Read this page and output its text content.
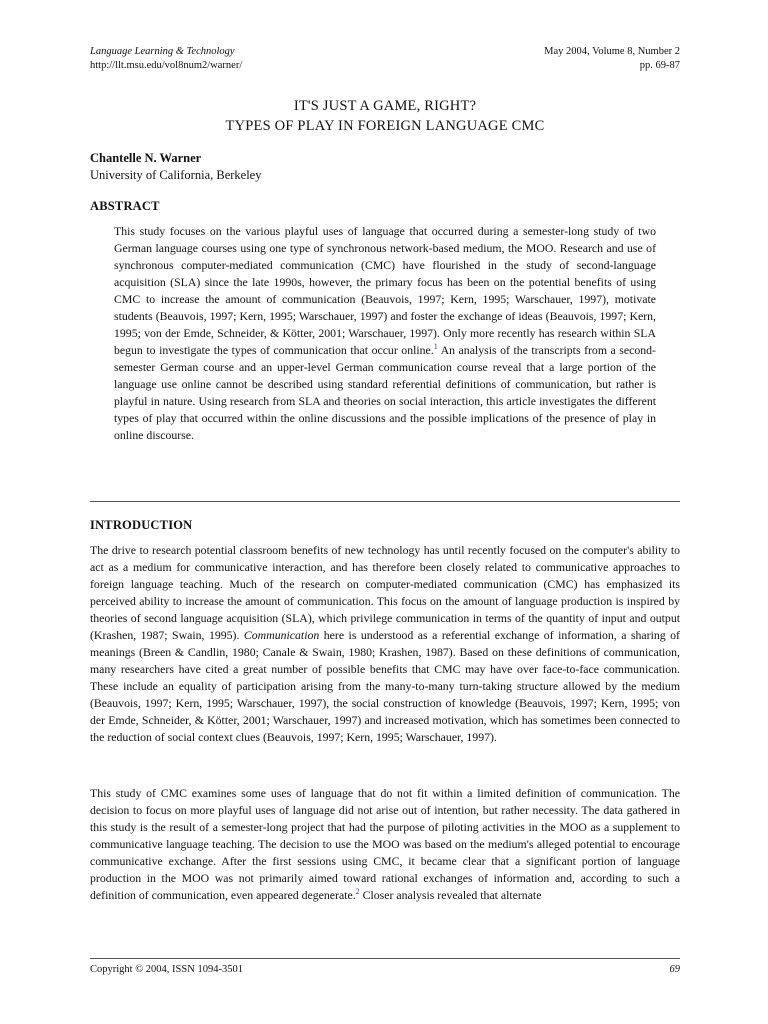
Language Learning & Technology
http://llt.msu.edu/vol8num2/warner/
May 2004, Volume 8, Number 2
pp. 69-87
IT'S JUST A GAME, RIGHT?
TYPES OF PLAY IN FOREIGN LANGUAGE CMC
Chantelle N. Warner
University of California, Berkeley
ABSTRACT
This study focuses on the various playful uses of language that occurred during a semester-long study of two German language courses using one type of synchronous network-based medium, the MOO. Research and use of synchronous computer-mediated communication (CMC) have flourished in the study of second-language acquisition (SLA) since the late 1990s, however, the primary focus has been on the potential benefits of using CMC to increase the amount of communication (Beauvois, 1997; Kern, 1995; Warschauer, 1997), motivate students (Beauvois, 1997; Kern, 1995; Warschauer, 1997) and foster the exchange of ideas (Beauvois, 1997; Kern, 1995; von der Emde, Schneider, & Kötter, 2001; Warschauer, 1997). Only more recently has research within SLA begun to investigate the types of communication that occur online.$^1$ An analysis of the transcripts from a second-semester German course and an upper-level German communication course reveal that a large portion of the language use online cannot be described using standard referential definitions of communication, but rather is playful in nature. Using research from SLA and theories on social interaction, this article investigates the different types of play that occurred within the online discussions and the possible implications of the presence of play in online discourse.
INTRODUCTION

The drive to research potential classroom benefits of new technology has until recently focused on the computer's ability to act as a medium for communicative interaction, and has therefore been closely related to communicative approaches to foreign language teaching. Much of the research on computer-mediated communication (CMC) has emphasized its perceived ability to increase the amount of communication. This focus on the amount of language production is inspired by theories of second language acquisition (SLA), which privilege communication in terms of the quantity of input and output (Krashen, 1987; Swain, 1995). Communication here is understood as a referential exchange of information, a sharing of meanings (Breen & Candlin, 1980; Canale & Swain, 1980; Krashen, 1987). Based on these definitions of communication, many researchers have cited a great number of possible benefits that CMC may have over face-to-face communication. These include an equality of participation arising from the many-to-many turn-taking structure allowed by the medium (Beauvois, 1997; Kern, 1995; Warschauer, 1997), the social construction of knowledge (Beauvois, 1997; Kern, 1995; von der Emde, Schneider, & Kötter, 2001; Warschauer, 1997) and increased motivation, which has sometimes been connected to the reduction of social context clues (Beauvois, 1997; Kern, 1995; Warschauer, 1997).

This study of CMC examines some uses of language that do not fit within a limited definition of communication. The decision to focus on more playful uses of language did not arise out of intention, but rather necessity. The data gathered in this study is the result of a semester-long project that had the purpose of piloting activities in the MOO as a supplement to communicative language teaching. The decision to use the MOO was based on the medium's alleged potential to encourage communicative exchange. After the first sessions using CMC, it became clear that a significant portion of language production in the MOO was not primarily aimed toward rational exchanges of information and, according to such a definition of communication, even appeared degenerate.$^2$ Closer analysis revealed that alternate

Copyright © 2004, ISSN 1094-3501	69
